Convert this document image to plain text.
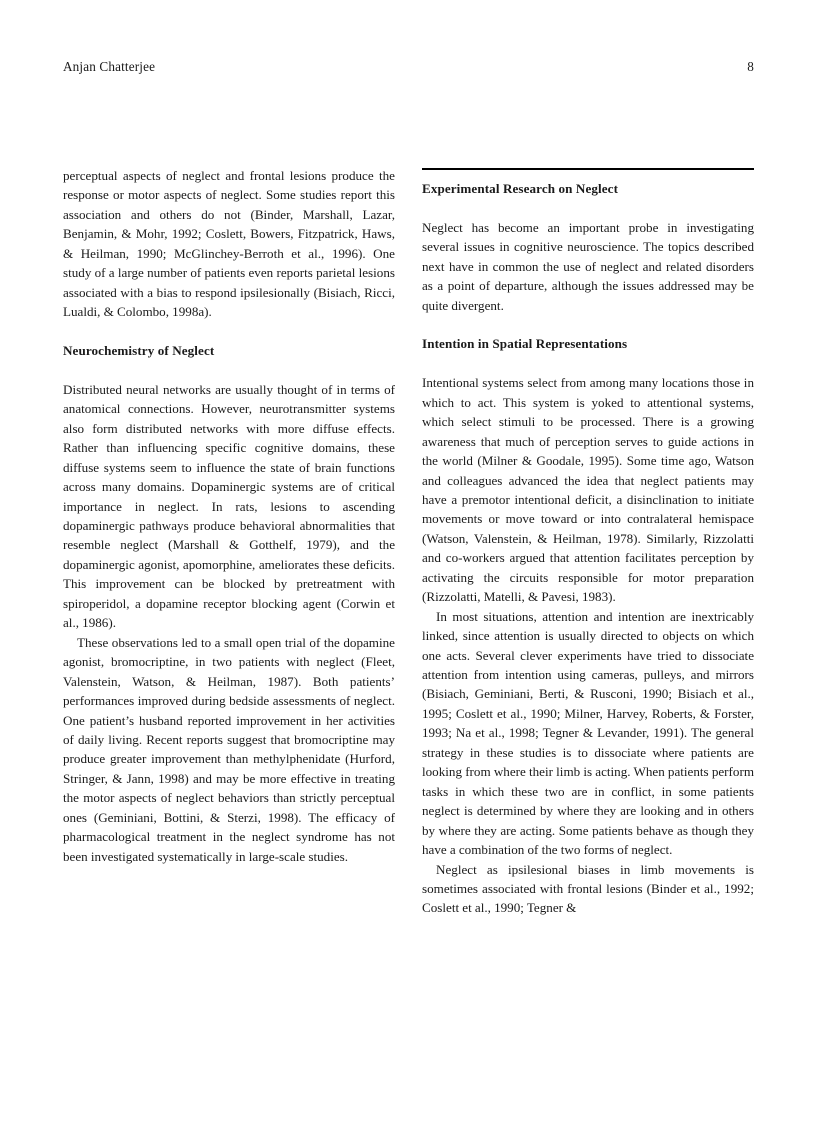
Anjan Chatterjee	8

perceptual aspects of neglect and frontal lesions produce the response or motor aspects of neglect. Some studies report this association and others do not (Binder, Marshall, Lazar, Benjamin, & Mohr, 1992; Coslett, Bowers, Fitzpatrick, Haws, & Heilman, 1990; McGlinchey-Berroth et al., 1996). One study of a large number of patients even reports parietal lesions associated with a bias to respond ipsilesionally (Bisiach, Ricci, Lualdi, & Colombo, 1998a).

Neurochemistry of Neglect

Distributed neural networks are usually thought of in terms of anatomical connections. However, neurotransmitter systems also form distributed networks with more diffuse effects. Rather than influencing specific cognitive domains, these diffuse systems seem to influence the state of brain functions across many domains. Dopaminergic systems are of critical importance in neglect. In rats, lesions to ascending dopaminergic pathways produce behavioral abnormalities that resemble neglect (Marshall & Gotthelf, 1979), and the dopaminergic agonist, apomorphine, ameliorates these deficits. This improvement can be blocked by pretreatment with spiroperidol, a dopamine receptor blocking agent (Corwin et al., 1986).

These observations led to a small open trial of the dopamine agonist, bromocriptine, in two patients with neglect (Fleet, Valenstein, Watson, & Heilman, 1987). Both patients’ performances improved during bedside assessments of neglect. One patient’s husband reported improvement in her activities of daily living. Recent reports suggest that bromocriptine may produce greater improvement than methylphenidate (Hurford, Stringer, & Jann, 1998) and may be more effective in treating the motor aspects of neglect behaviors than strictly perceptual ones (Geminiani, Bottini, & Sterzi, 1998). The efficacy of pharmacological treatment in the neglect syndrome has not been investigated systematically in large-scale studies.

Experimental Research on Neglect

Neglect has become an important probe in investigating several issues in cognitive neuroscience. The topics described next have in common the use of neglect and related disorders as a point of departure, although the issues addressed may be quite divergent.

Intention in Spatial Representations

Intentional systems select from among many locations those in which to act. This system is yoked to attentional systems, which select stimuli to be processed. There is a growing awareness that much of perception serves to guide actions in the world (Milner & Goodale, 1995). Some time ago, Watson and colleagues advanced the idea that neglect patients may have a premotor intentional deficit, a disinclination to initiate movements or move toward or into contralateral hemispace (Watson, Valenstein, & Heilman, 1978). Similarly, Rizzolatti and co-workers argued that attention facilitates perception by activating the circuits responsible for motor preparation (Rizzolatti, Matelli, & Pavesi, 1983).

In most situations, attention and intention are inextricably linked, since attention is usually directed to objects on which one acts. Several clever experiments have tried to dissociate attention from intention using cameras, pulleys, and mirrors (Bisiach, Geminiani, Berti, & Rusconi, 1990; Bisiach et al., 1995; Coslett et al., 1990; Milner, Harvey, Roberts, & Forster, 1993; Na et al., 1998; Tegner & Levander, 1991). The general strategy in these studies is to dissociate where patients are looking from where their limb is acting. When patients perform tasks in which these two are in conflict, in some patients neglect is determined by where they are looking and in others by where they are acting. Some patients behave as though they have a combination of the two forms of neglect.

Neglect as ipsilesional biases in limb movements is sometimes associated with frontal lesions (Binder et al., 1992; Coslett et al., 1990; Tegner &
